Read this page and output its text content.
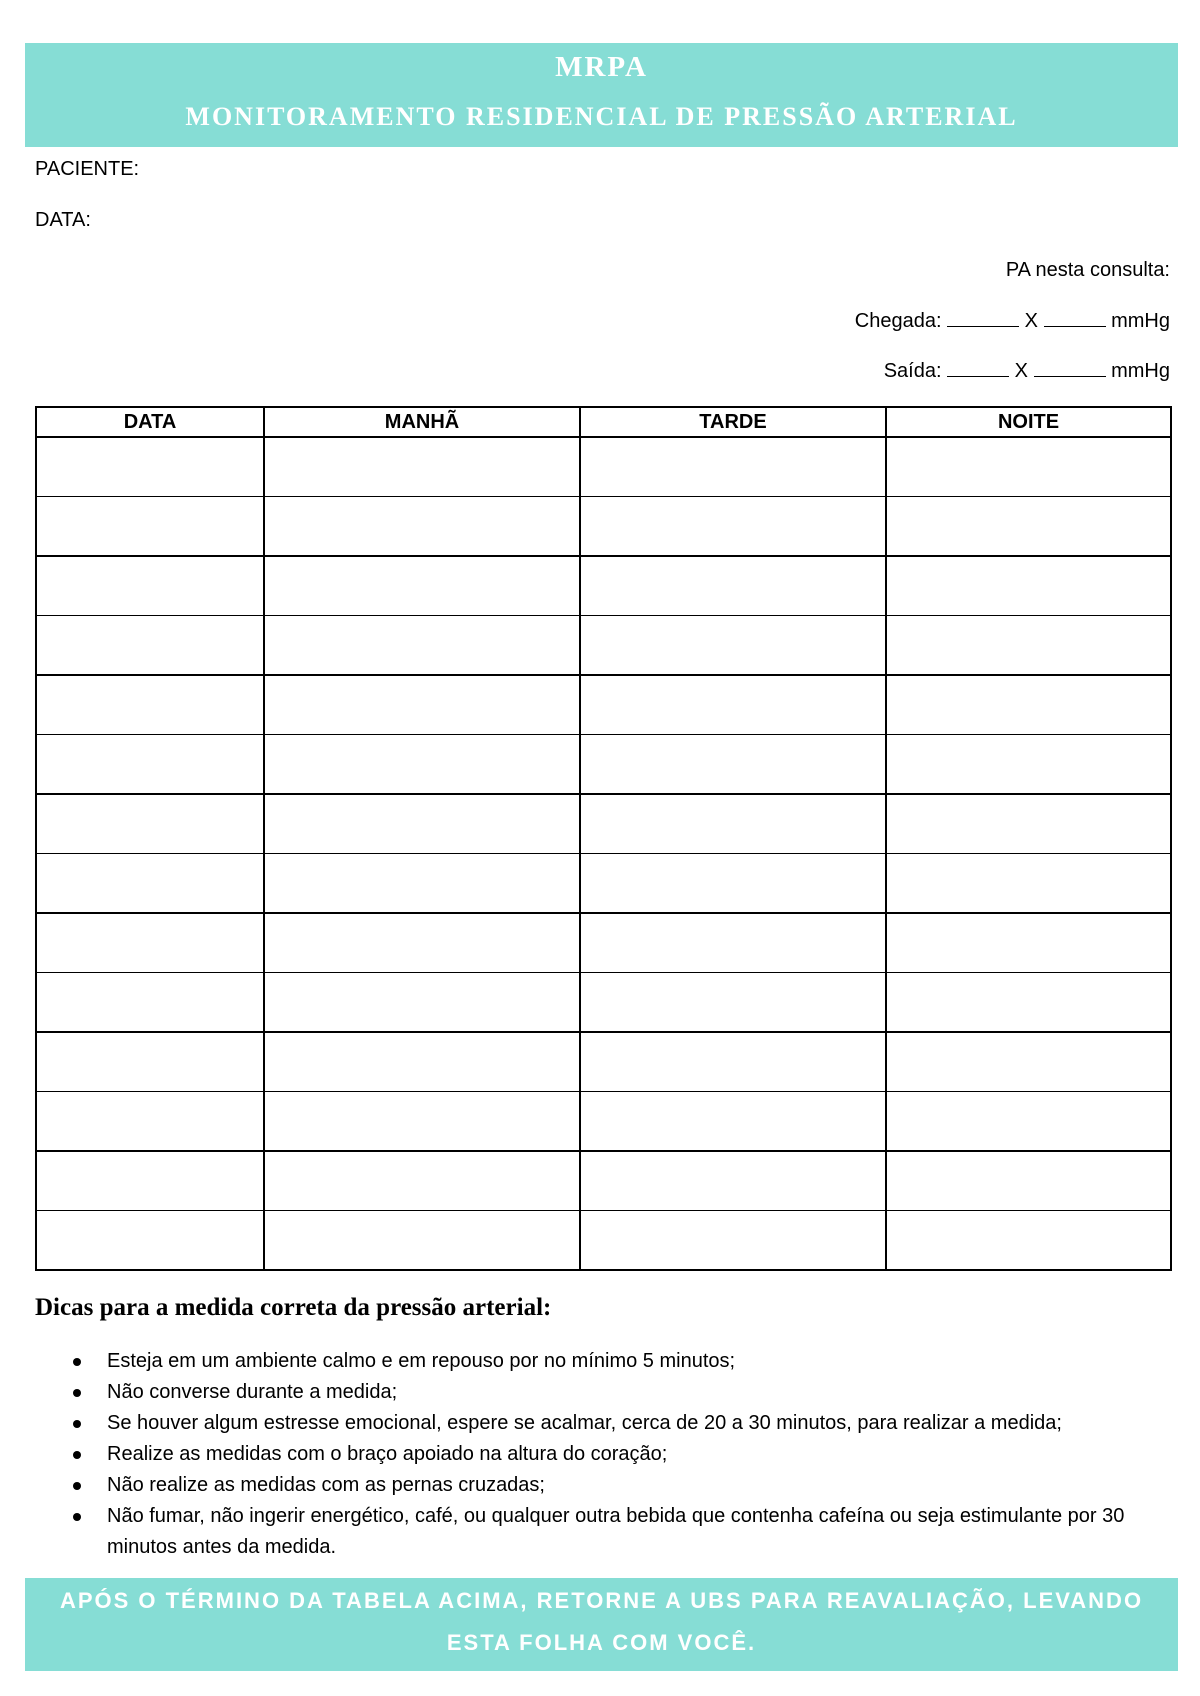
MRPA
MONITORAMENTO RESIDENCIAL DE PRESSÃO ARTERIAL
PACIENTE:
DATA:
PA nesta consulta:
Chegada:	X	mmHg
Saída:	X	mmHg
DATA	MANHÃ	TARDE	NOITE

Dicas para a medida correta da pressão arterial:
Esteja em um ambiente calmo e em repouso por no mínimo 5 minutos;
Não converse durante a medida;
Se houver algum estresse emocional, espere se acalmar, cerca de 20 a 30 minutos, para realizar a medida;
Realize as medidas com o braço apoiado na altura do coração;
Não realize as medidas com as pernas cruzadas;
Não fumar, não ingerir energético, café, ou qualquer outra bebida que contenha cafeína ou seja estimulante por 30 minutos antes da medida.
APÓS O TÉRMINO DA TABELA ACIMA, RETORNE A UBS PARA REAVALIAÇÃO, LEVANDO
ESTA FOLHA COM VOCÊ.
